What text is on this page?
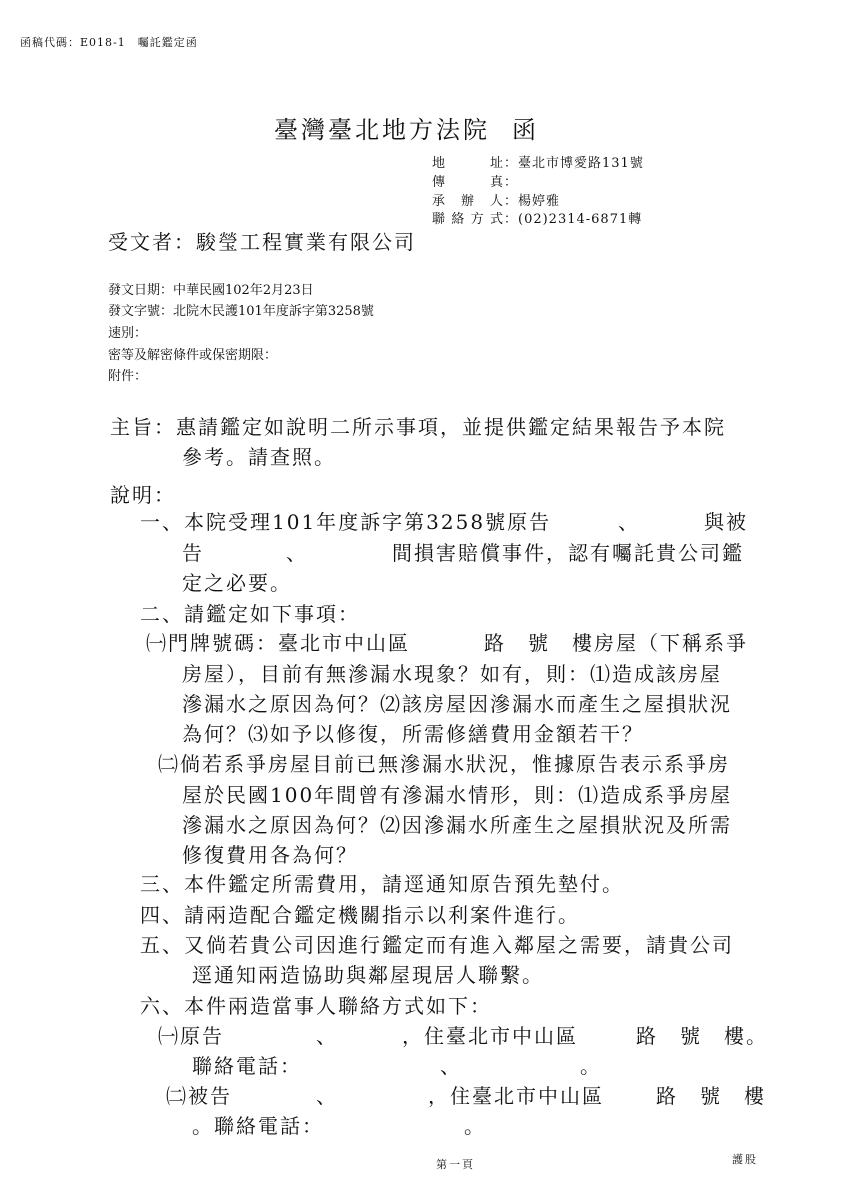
函稿代碼：E018-1　囑託鑑定函
臺灣臺北地方法院 函
地址：臺北市博愛路131號
傳真：
承辦人：楊婷雅
聯絡方式：(02)2314-6871轉
受文者：駿瑩工程實業有限公司
發文日期：中華民國102年2月23日
發文字號：北院木民護101年度訴字第3258號
速別：
密等及解密條件或保密期限：
附件：
主旨：惠請鑑定如說明二所示事項，並提供鑑定結果報告予本院
參考。請查照。
說明：
一、本院受理101年度訴字第3258號原告	、	與被
告	、	間損害賠償事件，認有囑託貴公司鑑
定之必要。
二、請鑑定如下事項：
㈠門牌號碼：臺北市中山區	路　號　樓房屋（下稱系爭
房屋），目前有無滲漏水現象？如有，則：⑴造成該房屋
滲漏水之原因為何？⑵該房屋因滲漏水而產生之屋損狀況
為何？⑶如予以修復，所需修繕費用金額若干？
㈡倘若系爭房屋目前已無滲漏水狀況，惟據原告表示系爭房
屋於民國100年間曾有滲漏水情形，則：⑴造成系爭房屋
滲漏水之原因為何？⑵因滲漏水所產生之屋損狀況及所需
修復費用各為何？
三、本件鑑定所需費用，請逕通知原告預先墊付。
四、請兩造配合鑑定機關指示以利案件進行。
五、又倘若貴公司因進行鑑定而有進入鄰屋之需要，請貴公司
逕通知兩造協助與鄰屋現居人聯繫。
六、本件兩造當事人聯絡方式如下：
㈠原告	、	，住臺北市中山區	路　號　樓。
聯絡電話：	、	。
㈡被告	、	，住臺北市中山區	路　號　樓
。聯絡電話：	。
第一頁	護股
